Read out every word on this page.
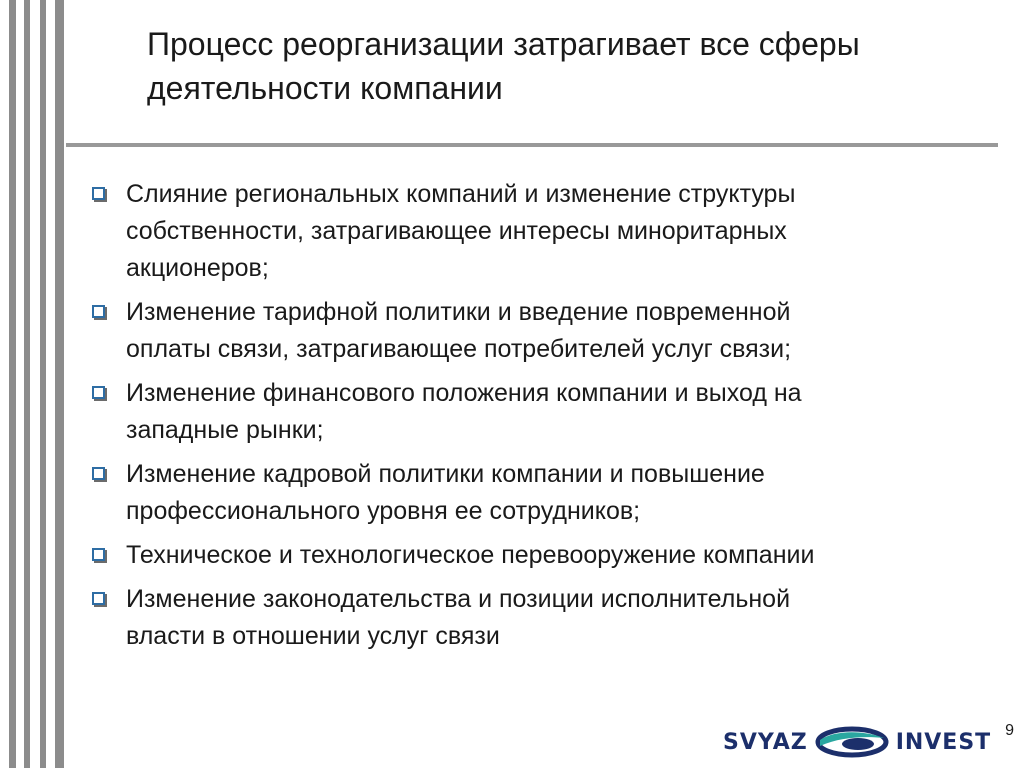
Процесс реорганизации затрагивает все сферы
деятельности компании
Слияние региональных компаний и изменение структуры
собственности, затрагивающее интересы миноритарных
акционеров;
Изменение тарифной политики и введение повременной
оплаты связи, затрагивающее потребителей услуг связи;
Изменение финансового положения компании и выход на
западные рынки;
Изменение кадровой политики компании и повышение
профессионального уровня ее сотрудников;
Техническое и технологическое перевооружение компании
Изменение законодательства и позиции исполнительной
власти в отношении услуг связи
SVYAZ	INVEST 9
